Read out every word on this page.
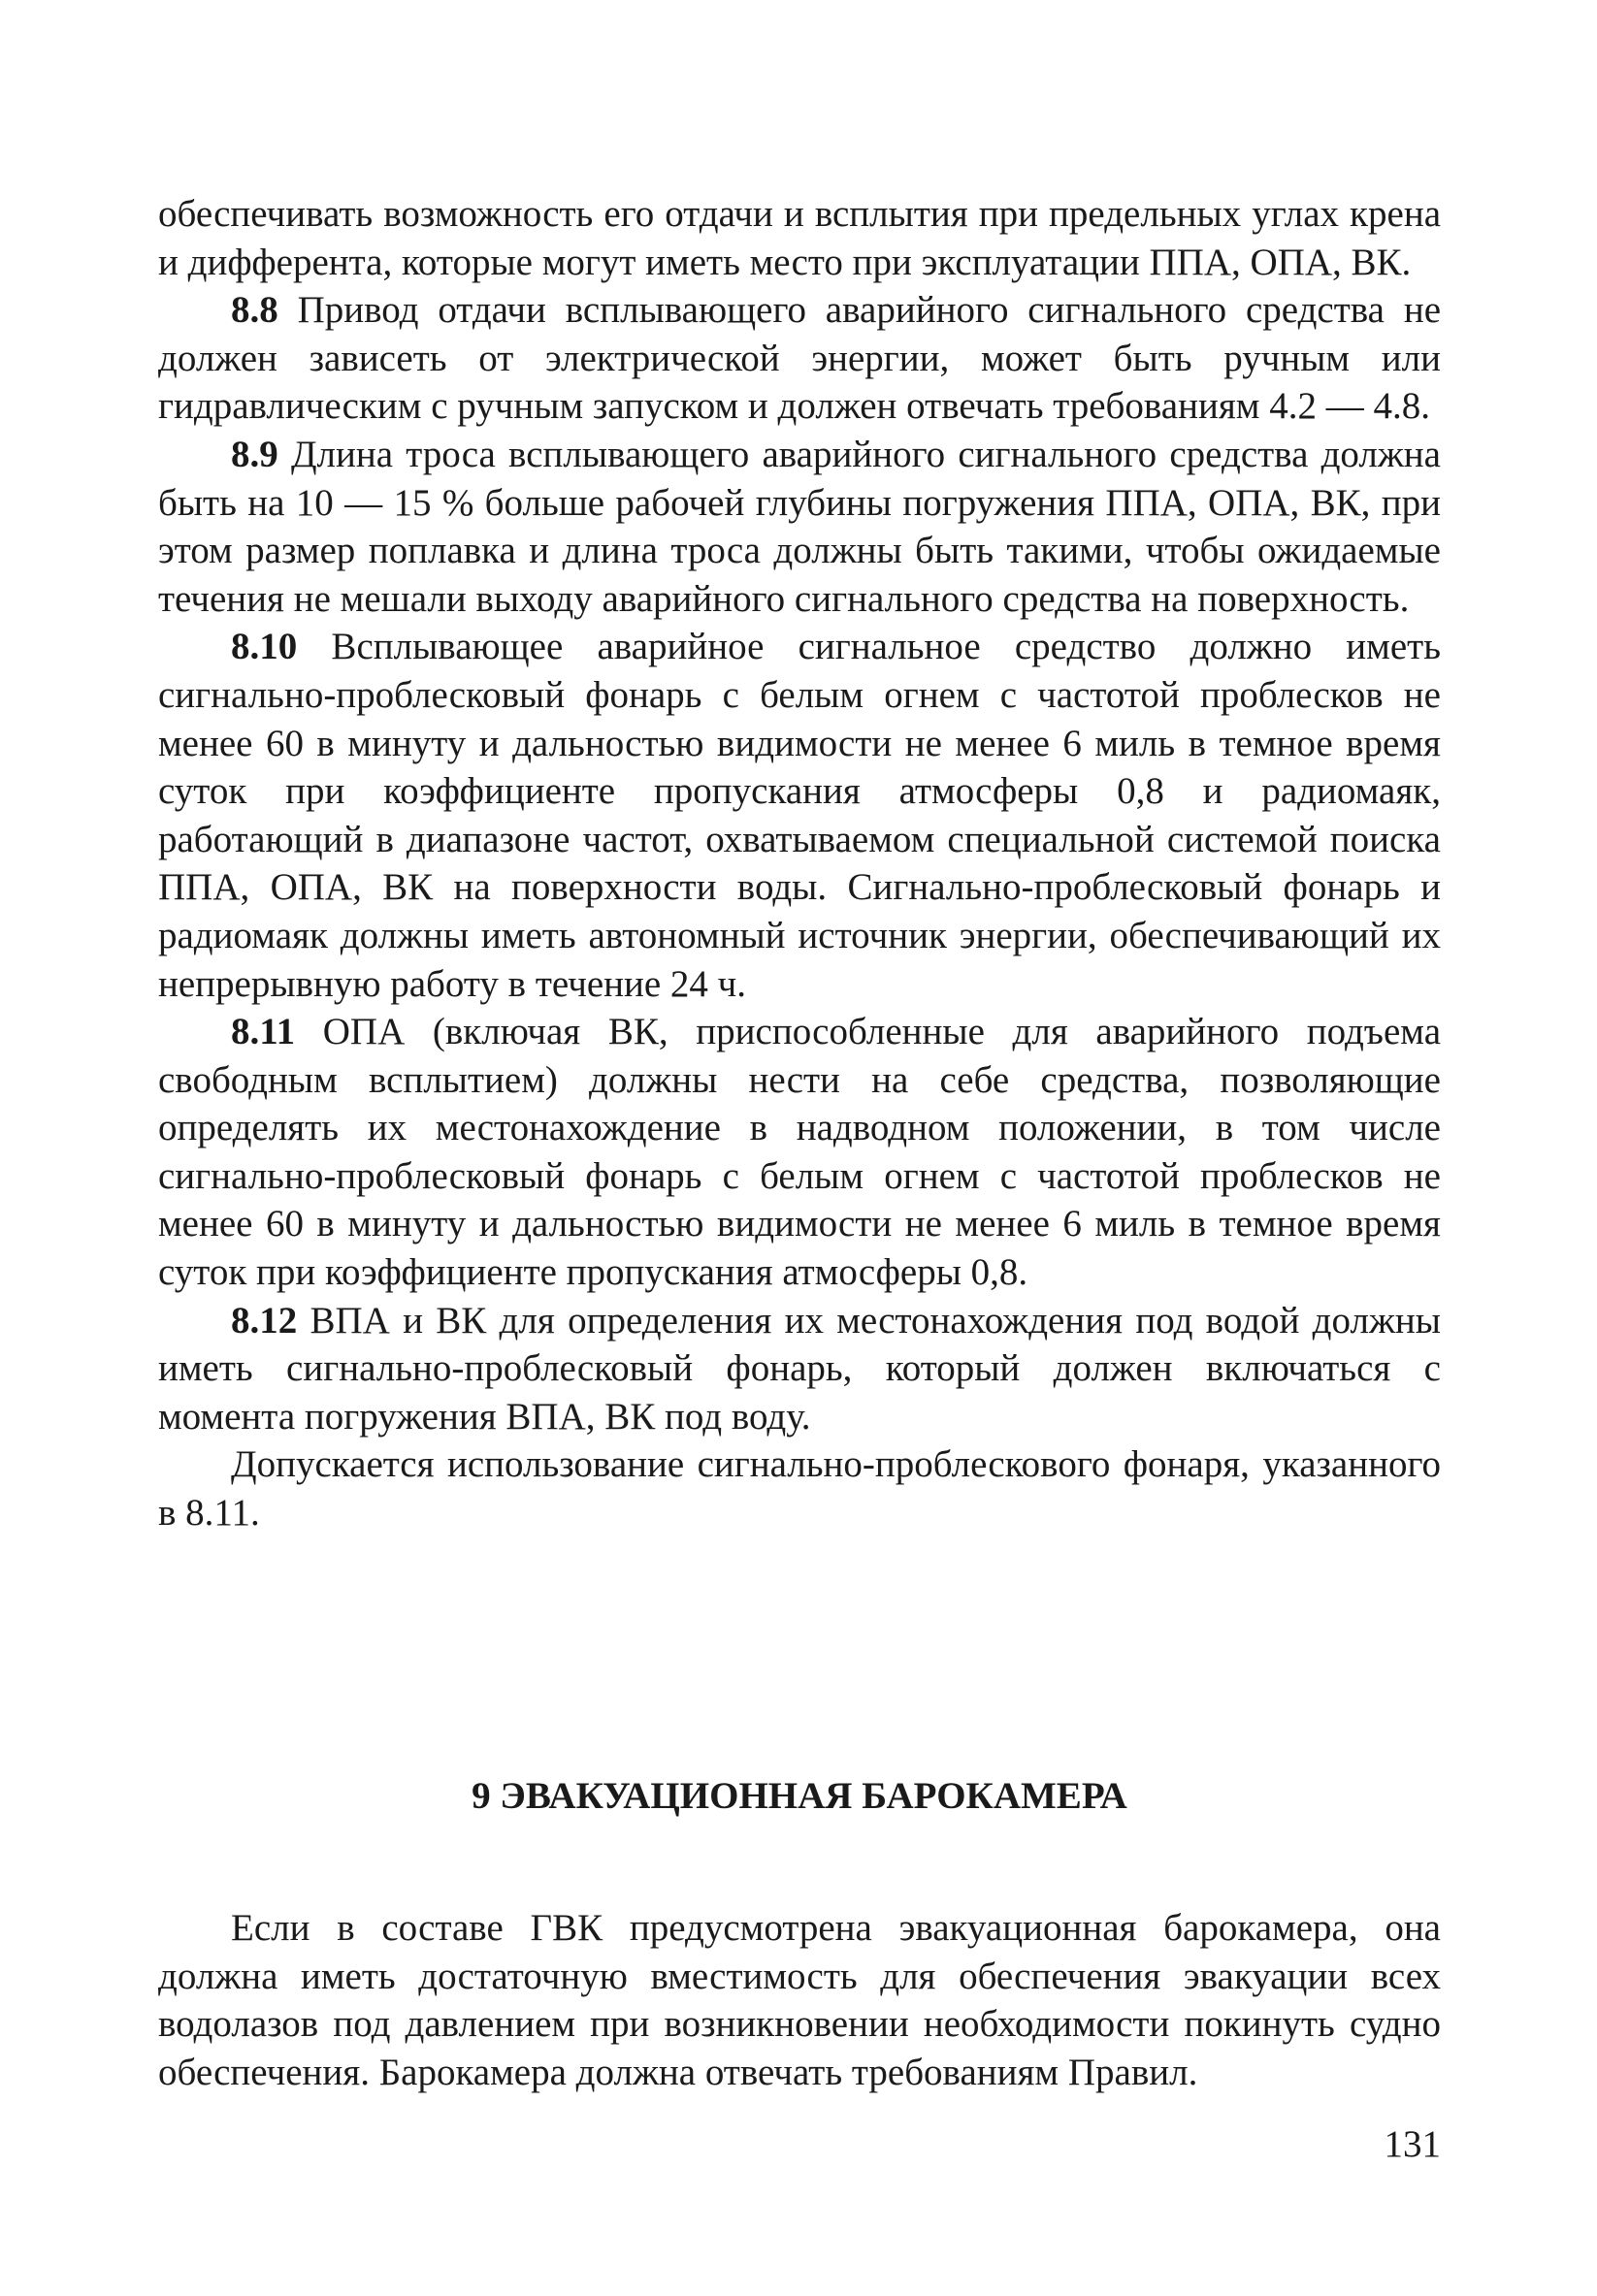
обеспечивать возможность его отдачи и всплытия при предельных углах крена и дифферента, которые могут иметь место при эксплуатации ППА, ОПА, ВК.

8.8 Привод отдачи всплывающего аварийного сигнального средства не должен зависеть от электрической энергии, может быть ручным или гидравлическим с ручным запуском и должен отвечать требованиям 4.2 — 4.8.

8.9 Длина троса всплывающего аварийного сигнального средства должна быть на 10 — 15 % больше рабочей глубины погружения ППА, ОПА, ВК, при этом размер поплавка и длина троса должны быть такими, чтобы ожидаемые течения не мешали выходу аварийного сигнального средства на поверхность.

8.10 Всплывающее аварийное сигнальное средство должно иметь сигнально-проблесковый фонарь с белым огнем с частотой проблесков не менее 60 в минуту и дальностью видимости не менее 6 миль в темное время суток при коэффициенте пропускания атмосферы 0,8 и радиомаяк, работающий в диапазоне частот, охватываемом специальной системой поиска ППА, ОПА, ВК на поверхности воды. Сигнально-проблесковый фонарь и радиомаяк должны иметь автономный источник энергии, обеспечивающий их непрерывную работу в течение 24 ч.

8.11 ОПА (включая ВК, приспособленные для аварийного подъема свободным всплытием) должны нести на себе средства, позволяющие определять их местонахождение в надводном положении, в том числе сигнально-проблесковый фонарь с белым огнем с частотой проблесков не менее 60 в минуту и дальностью видимости не менее 6 миль в темное время суток при коэффициенте пропускания атмосферы 0,8.

8.12 ВПА и ВК для определения их местонахождения под водой должны иметь сигнально-проблесковый фонарь, который должен включаться с момента погружения ВПА, ВК под воду.

Допускается использование сигнально-проблескового фонаря, указанного в 8.11.

9 ЭВАКУАЦИОННАЯ БАРОКАМЕРА

Если в составе ГВК предусмотрена эвакуационная барокамера, она должна иметь достаточную вместимость для обеспечения эвакуации всех водолазов под давлением при возникновении необходимости покинуть судно обеспечения. Барокамера должна отвечать требованиям Правил.

131
